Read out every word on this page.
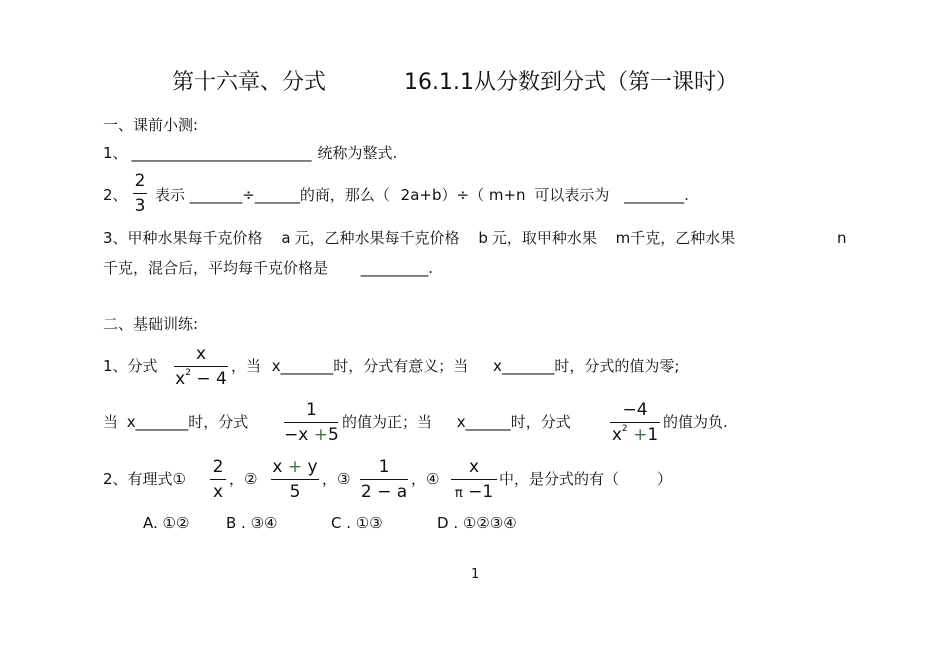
第十六章、分式	16.1.1从分数到分式（第一课时）
一、课前小测:
1、 ________________________ 统称为整式.
2、
2
3
表示 _______÷______的商，那么（ 2a+b）÷（ m+n 可以表示为 ________.
3、甲种水果每千克价格 a 元，乙种水果每千克价格 b 元，取甲种水果 m千克，乙种水果	n
千克，混合后，平均每千克价格是 _________.
二、基础训练:
1、分式
x
$x^2 - 4$
，当 x_______时，分式有意义；当 x_______时，分式的值为零;
当 x_______时，分式
1
−x +5
的值为正；当 x______时，分式
−4
$x^2 +1$
的值为负.
2、有理式①
2
x
，②
x + y
5
，③
1
2 − a
，④
x
π −1
中，是分式的有（	）
A. ①② B . ③④	C . ①③	D . ①②③④
1
